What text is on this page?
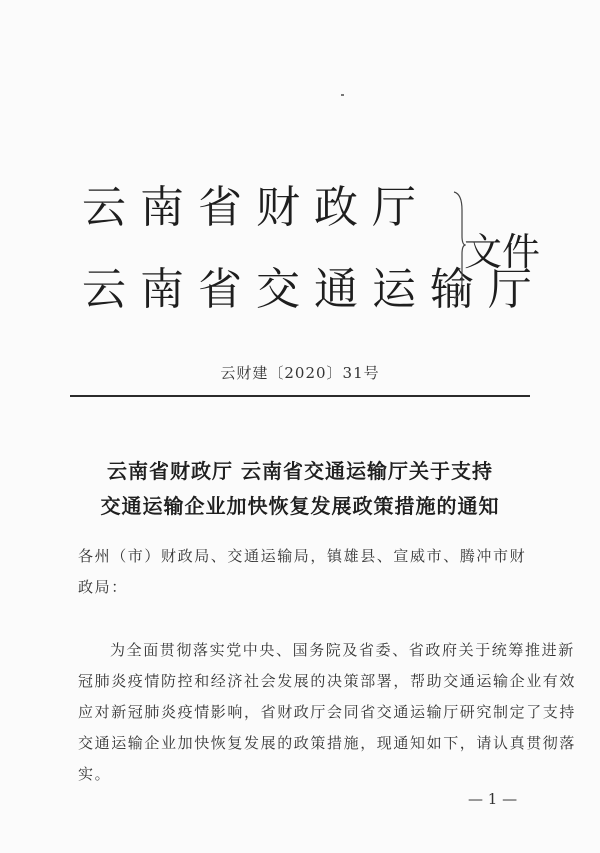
云南省财政厅
云南省交通运输厅
文件
云财建〔2020〕31号
云南省财政厅 云南省交通运输厅关于支持
交通运输企业加快恢复发展政策措施的通知
各州（市）财政局、交通运输局，镇雄县、宣威市、腾冲市财
政局：
为全面贯彻落实党中央、国务院及省委、省政府关于统筹推进新
冠肺炎疫情防控和经济社会发展的决策部署，帮助交通运输企业有效
应对新冠肺炎疫情影响，省财政厅会同省交通运输厅研究制定了支持
交通运输企业加快恢复发展的政策措施，现通知如下，请认真贯彻落
实。
— 1 —
